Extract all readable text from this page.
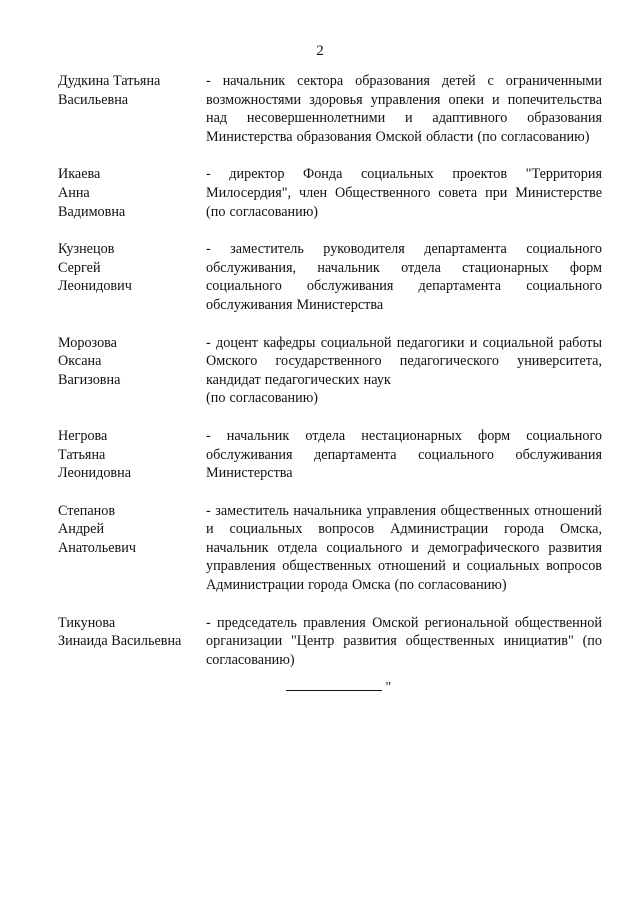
2
Дудкина Татьяна
Васильевна
- начальник сектора образования детей с ограниченными возможностями здоровья управления опеки и попечительства над несовершеннолетними и адаптивного образования Министерства образования Омской области (по согласованию)
Икаева
Анна
Вадимовна
- директор Фонда социальных проектов "Территория Милосердия", член Общественного совета при Министерстве (по согласованию)
Кузнецов
Сергей
Леонидович
- заместитель руководителя департамента социального обслуживания, начальник отдела стационарных форм социального обслуживания департамента социального обслуживания Министерства
Морозова
Оксана
Вагизовна
- доцент кафедры социальной педагогики и социальной работы Омского государственного педагогического университета, кандидат педагогических наук
(по согласованию)
Негрова
Татьяна
Леонидовна
- начальник отдела нестационарных форм социального обслуживания департамента социального обслуживания Министерства
Степанов
Андрей
Анатольевич
- заместитель начальника управления общественных отношений и социальных вопросов Администрации города Омска, начальник отдела социального и демографического развития управления общественных отношений и социальных вопросов Администрации города Омска (по согласованию)
Тикунова
Зинаида Васильевна
- председатель правления Омской региональной общественной организации "Центр развития общественных инициатив" (по согласованию)
"
